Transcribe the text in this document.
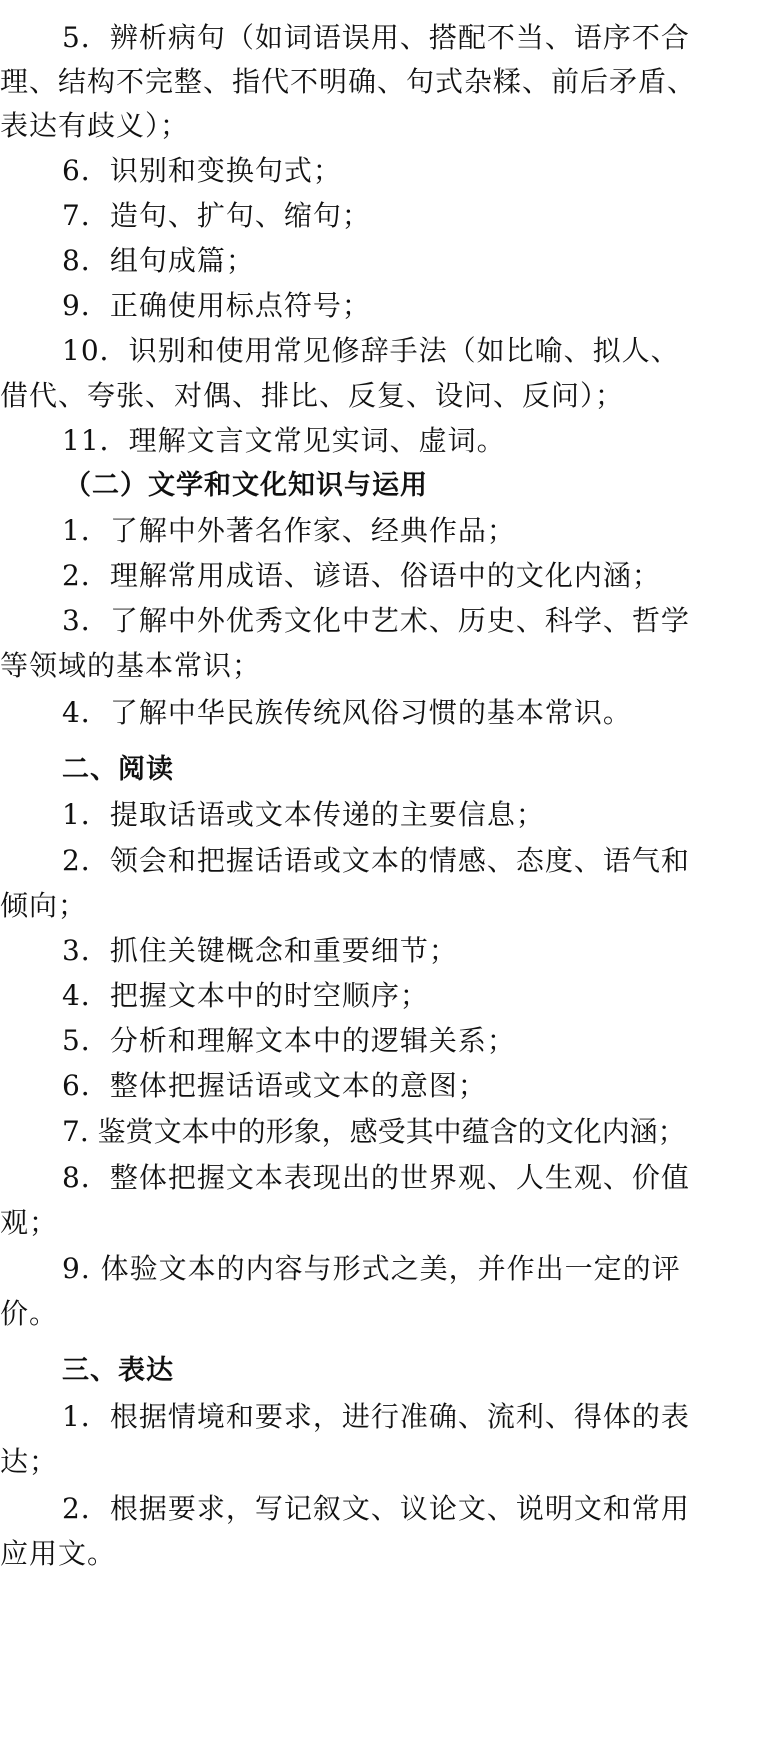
5．辨析病句（如词语误用、搭配不当、语序不合
理、结构不完整、指代不明确、句式杂糅、前后矛盾、
表达有歧义）；
6．识别和变换句式；
7．造句、扩句、缩句；
8．组句成篇；
9．正确使用标点符号；
10．识别和使用常见修辞手法（如比喻、拟人、
借代、夸张、对偶、排比、反复、设问、反问）；
11．理解文言文常见实词、虚词。
（二）文学和文化知识与运用
1．了解中外著名作家、经典作品；
2．理解常用成语、谚语、俗语中的文化内涵；
3．了解中外优秀文化中艺术、历史、科学、哲学
等领域的基本常识；
4．了解中华民族传统风俗习惯的基本常识。
二、阅读
1．提取话语或文本传递的主要信息；
2．领会和把握话语或文本的情感、态度、语气和
倾向；
3．抓住关键概念和重要细节；
4．把握文本中的时空顺序；
5．分析和理解文本中的逻辑关系；
6．整体把握话语或文本的意图；
7. 鉴赏文本中的形象，感受其中蕴含的文化内涵；
8．整体把握文本表现出的世界观、人生观、价值
观；
9. 体验文本的内容与形式之美，并作出一定的评
价。
三、表达
1．根据情境和要求，进行准确、流利、得体的表
达；
2．根据要求，写记叙文、议论文、说明文和常用
应用文。
